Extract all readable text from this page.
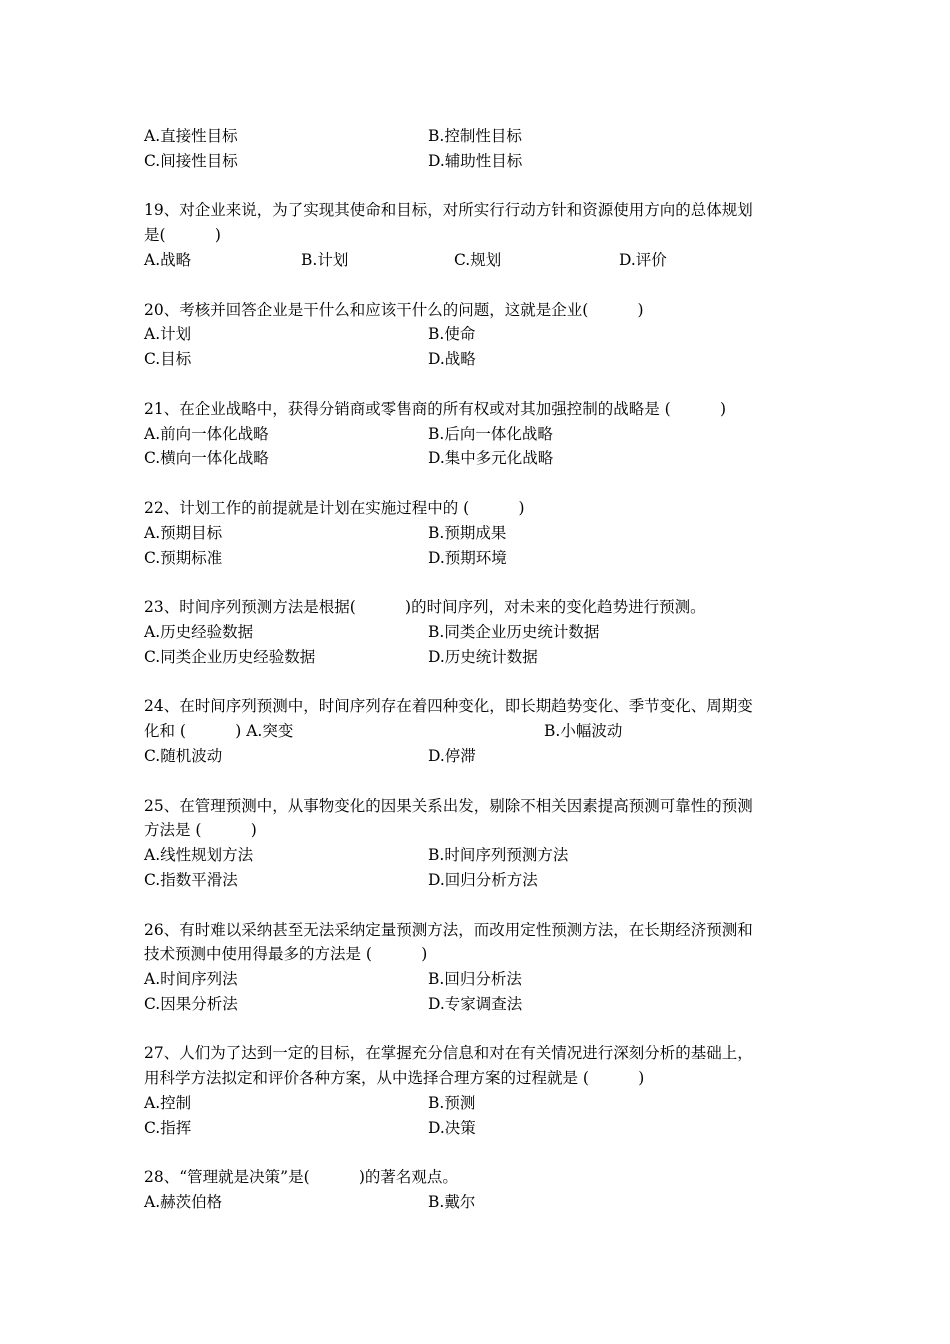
A.直接性目标	B.控制性目标
C.间接性目标	D.辅助性目标
19、对企业来说，为了实现其使命和目标，对所实行行动方针和资源使用方向的总体规划
是(          )
A.战略	B.计划	C.规划	D.评价
20、考核并回答企业是干什么和应该干什么的问题，这就是企业(          )
A.计划	B.使命
C.目标	D.战略
21、在企业战略中，获得分销商或零售商的所有权或对其加强控制的战略是 (          )
A.前向一体化战略	B.后向一体化战略
C.横向一体化战略	D.集中多元化战略
22、计划工作的前提就是计划在实施过程中的 (          )
A.预期目标	B.预期成果
C.预期标准	D.预期环境
23、时间序列预测方法是根据(          )的时间序列，对未来的变化趋势进行预测。
A.历史经验数据	B.同类企业历史统计数据
C.同类企业历史经验数据	D.历史统计数据
24、在时间序列预测中，时间序列存在着四种变化，即长期趋势变化、季节变化、周期变
化和 (          ) A.突变	B.小幅波动
C.随机波动	D.停滞
25、在管理预测中，从事物变化的因果关系出发，剔除不相关因素提高预测可靠性的预测
方法是 (          )
A.线性规划方法	B.时间序列预测方法
C.指数平滑法	D.回归分析方法
26、有时难以采纳甚至无法采纳定量预测方法，而改用定性预测方法，在长期经济预测和
技术预测中使用得最多的方法是 (          )
A.时间序列法	B.回归分析法
C.因果分析法	D.专家调查法
27、人们为了达到一定的目标，在掌握充分信息和对在有关情况进行深刻分析的基础上，
用科学方法拟定和评价各种方案，从中选择合理方案的过程就是 (          )
A.控制	B.预测
C.指挥	D.决策
28、“管理就是决策”是(          )的著名观点。
A.赫茨伯格	B.戴尔
